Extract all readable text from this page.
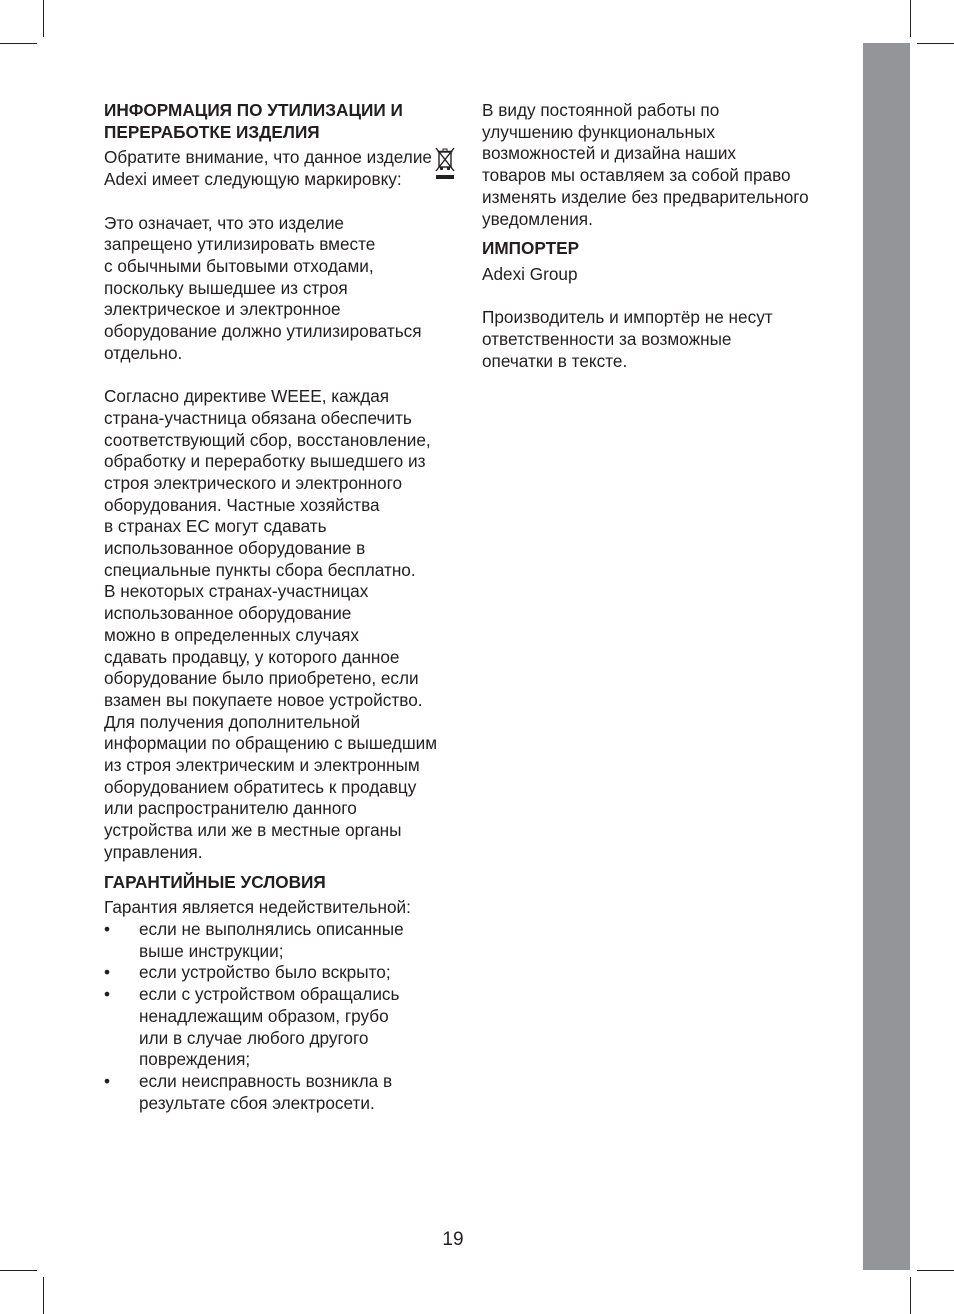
ИНФОРМАЦИЯ ПО УТИЛИЗАЦИИ И ПЕРЕРАБОТКЕ ИЗДЕЛИЯ

Обратите внимание, что данное изделие
Adexi имеет следующую маркировку:

Это означает, что это изделие
запрещено утилизировать вместе
с обычными бытовыми отходами,
поскольку вышедшее из строя
электрическое и электронное
оборудование должно утилизироваться
отдельно.

Согласно директиве WEEE, каждая
страна-участница обязана обеспечить
соответствующий сбор, восстановление,
обработку и переработку вышедшего из
строя электрического и электронного
оборудования. Частные хозяйства
в странах ЕС могут сдавать
использованное оборудование в
специальные пункты сбора бесплатно.
В некоторых странах-участницах
использованное оборудование
можно в определенных случаях
сдавать продавцу, у которого данное
оборудование было приобретено, если
взамен вы покупаете новое устройство.
Для получения дополнительной
информации по обращению с вышедшим
из строя электрическим и электронным
оборудованием обратитесь к продавцу
или распространителю данного
устройства или же в местные органы
управления.

ГАРАНТИЙНЫЕ УСЛОВИЯ

Гарантия является недействительной:

• если не выполнялись описанные
выше инструкции;
• если устройство было вскрыто;
• если с устройством обращались
ненадлежащим образом, грубо
или в случае любого другого
повреждения;
• если неисправность возникла в
результате сбоя электросети.

В виду постоянной работы по
улучшению функциональных
возможностей и дизайна наших
товаров мы оставляем за собой право
изменять изделие без предварительного
уведомления.

ИМПОРТЕР

Adexi Group

Производитель и импортёр не несут
ответственности за возможные
опечатки в тексте.

19
